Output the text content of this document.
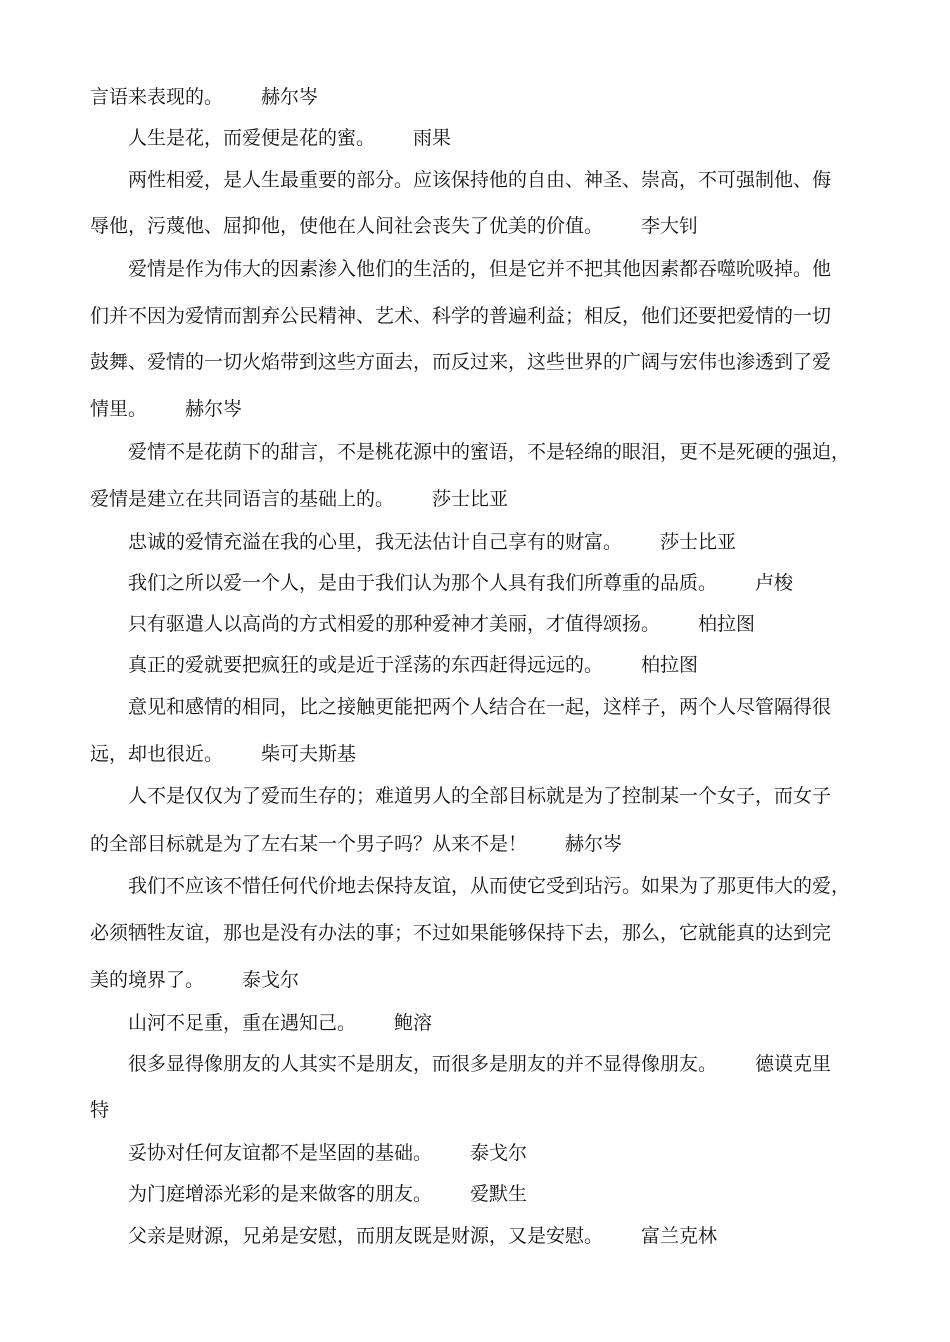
言语来表现的。 赫尔岑
人生是花，而爱便是花的蜜。 雨果
两性相爱，是人生最重要的部分。应该保持他的自由、神圣、崇高，不可强制他、侮
辱他，污蔑他、屈抑他，使他在人间社会丧失了优美的价值。 李大钊
爱情是作为伟大的因素渗入他们的生活的，但是它并不把其他因素都吞噬吮吸掉。他
们并不因为爱情而割弃公民精神、艺术、科学的普遍利益；相反，他们还要把爱情的一切
鼓舞、爱情的一切火焰带到这些方面去，而反过来，这些世界的广阔与宏伟也渗透到了爱
情里。 赫尔岑
爱情不是花荫下的甜言，不是桃花源中的蜜语，不是轻绵的眼泪，更不是死硬的强迫，
爱情是建立在共同语言的基础上的。 莎士比亚
忠诚的爱情充溢在我的心里，我无法估计自己享有的财富。 莎士比亚
我们之所以爱一个人，是由于我们认为那个人具有我们所尊重的品质。 卢梭
只有驱遣人以高尚的方式相爱的那种爱神才美丽，才值得颂扬。 柏拉图
真正的爱就要把疯狂的或是近于淫荡的东西赶得远远的。 柏拉图
意见和感情的相同，比之接触更能把两个人结合在一起，这样子，两个人尽管隔得很
远，却也很近。 柴可夫斯基
人不是仅仅为了爱而生存的；难道男人的全部目标就是为了控制某一个女子，而女子
的全部目标就是为了左右某一个男子吗？从来不是！ 赫尔岑
我们不应该不惜任何代价地去保持友谊，从而使它受到玷污。如果为了那更伟大的爱，
必须牺牲友谊，那也是没有办法的事；不过如果能够保持下去，那么，它就能真的达到完
美的境界了。 泰戈尔
山河不足重，重在遇知己。 鲍溶
很多显得像朋友的人其实不是朋友，而很多是朋友的并不显得像朋友。 德谟克里
特
妥协对任何友谊都不是坚固的基础。 泰戈尔
为门庭增添光彩的是来做客的朋友。 爱默生
父亲是财源，兄弟是安慰，而朋友既是财源，又是安慰。 富兰克林
